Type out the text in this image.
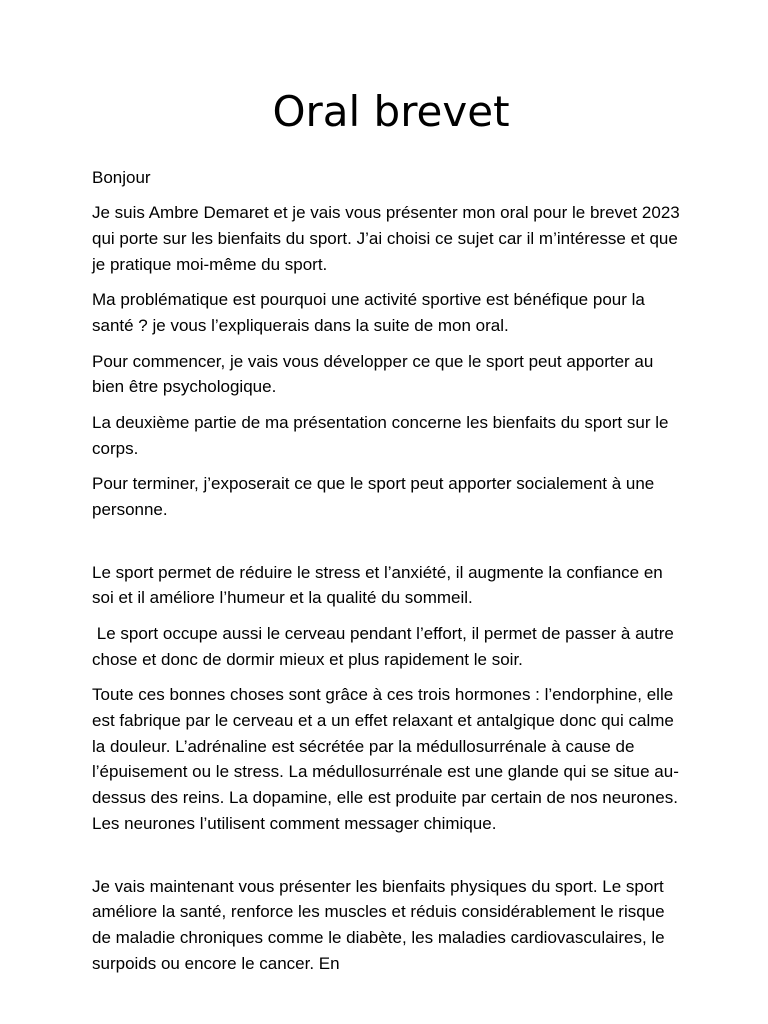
Oral brevet

Bonjour

Je suis Ambre Demaret et je vais vous présenter mon oral pour le brevet 2023 qui porte sur les bienfaits du sport. J’ai choisi ce sujet car il m’intéresse et que je pratique moi-même du sport.

Ma problématique est pourquoi une activité sportive est bénéfique pour la santé ? je vous l’expliquerais dans la suite de mon oral.

Pour commencer, je vais vous développer ce que le sport peut apporter au bien être psychologique.

La deuxième partie de ma présentation concerne les bienfaits du sport sur le corps.

Pour terminer, j’exposerait ce que le sport peut apporter socialement à une personne.

Le sport permet de réduire le stress et l’anxiété, il augmente la confiance en soi et il améliore l’humeur et la qualité du sommeil.

Le sport occupe aussi le cerveau pendant l’effort, il permet de passer à autre chose et donc de dormir mieux et plus rapidement le soir.

Toute ces bonnes choses sont grâce à ces trois hormones : l’endorphine, elle est fabrique par le cerveau et a un effet relaxant et antalgique donc qui calme la douleur. L’adrénaline est sécrétée par la médullosurrénale à cause de l’épuisement ou le stress. La médullosurrénale est une glande qui se situe au-dessus des reins. La dopamine, elle est produite par certain de nos neurones. Les neurones l’utilisent comment messager chimique.

Je vais maintenant vous présenter les bienfaits physiques du sport. Le sport améliore la santé, renforce les muscles et réduis considérablement le risque de maladie chroniques comme le diabète, les maladies cardiovasculaires, le surpoids ou encore le cancer. En
